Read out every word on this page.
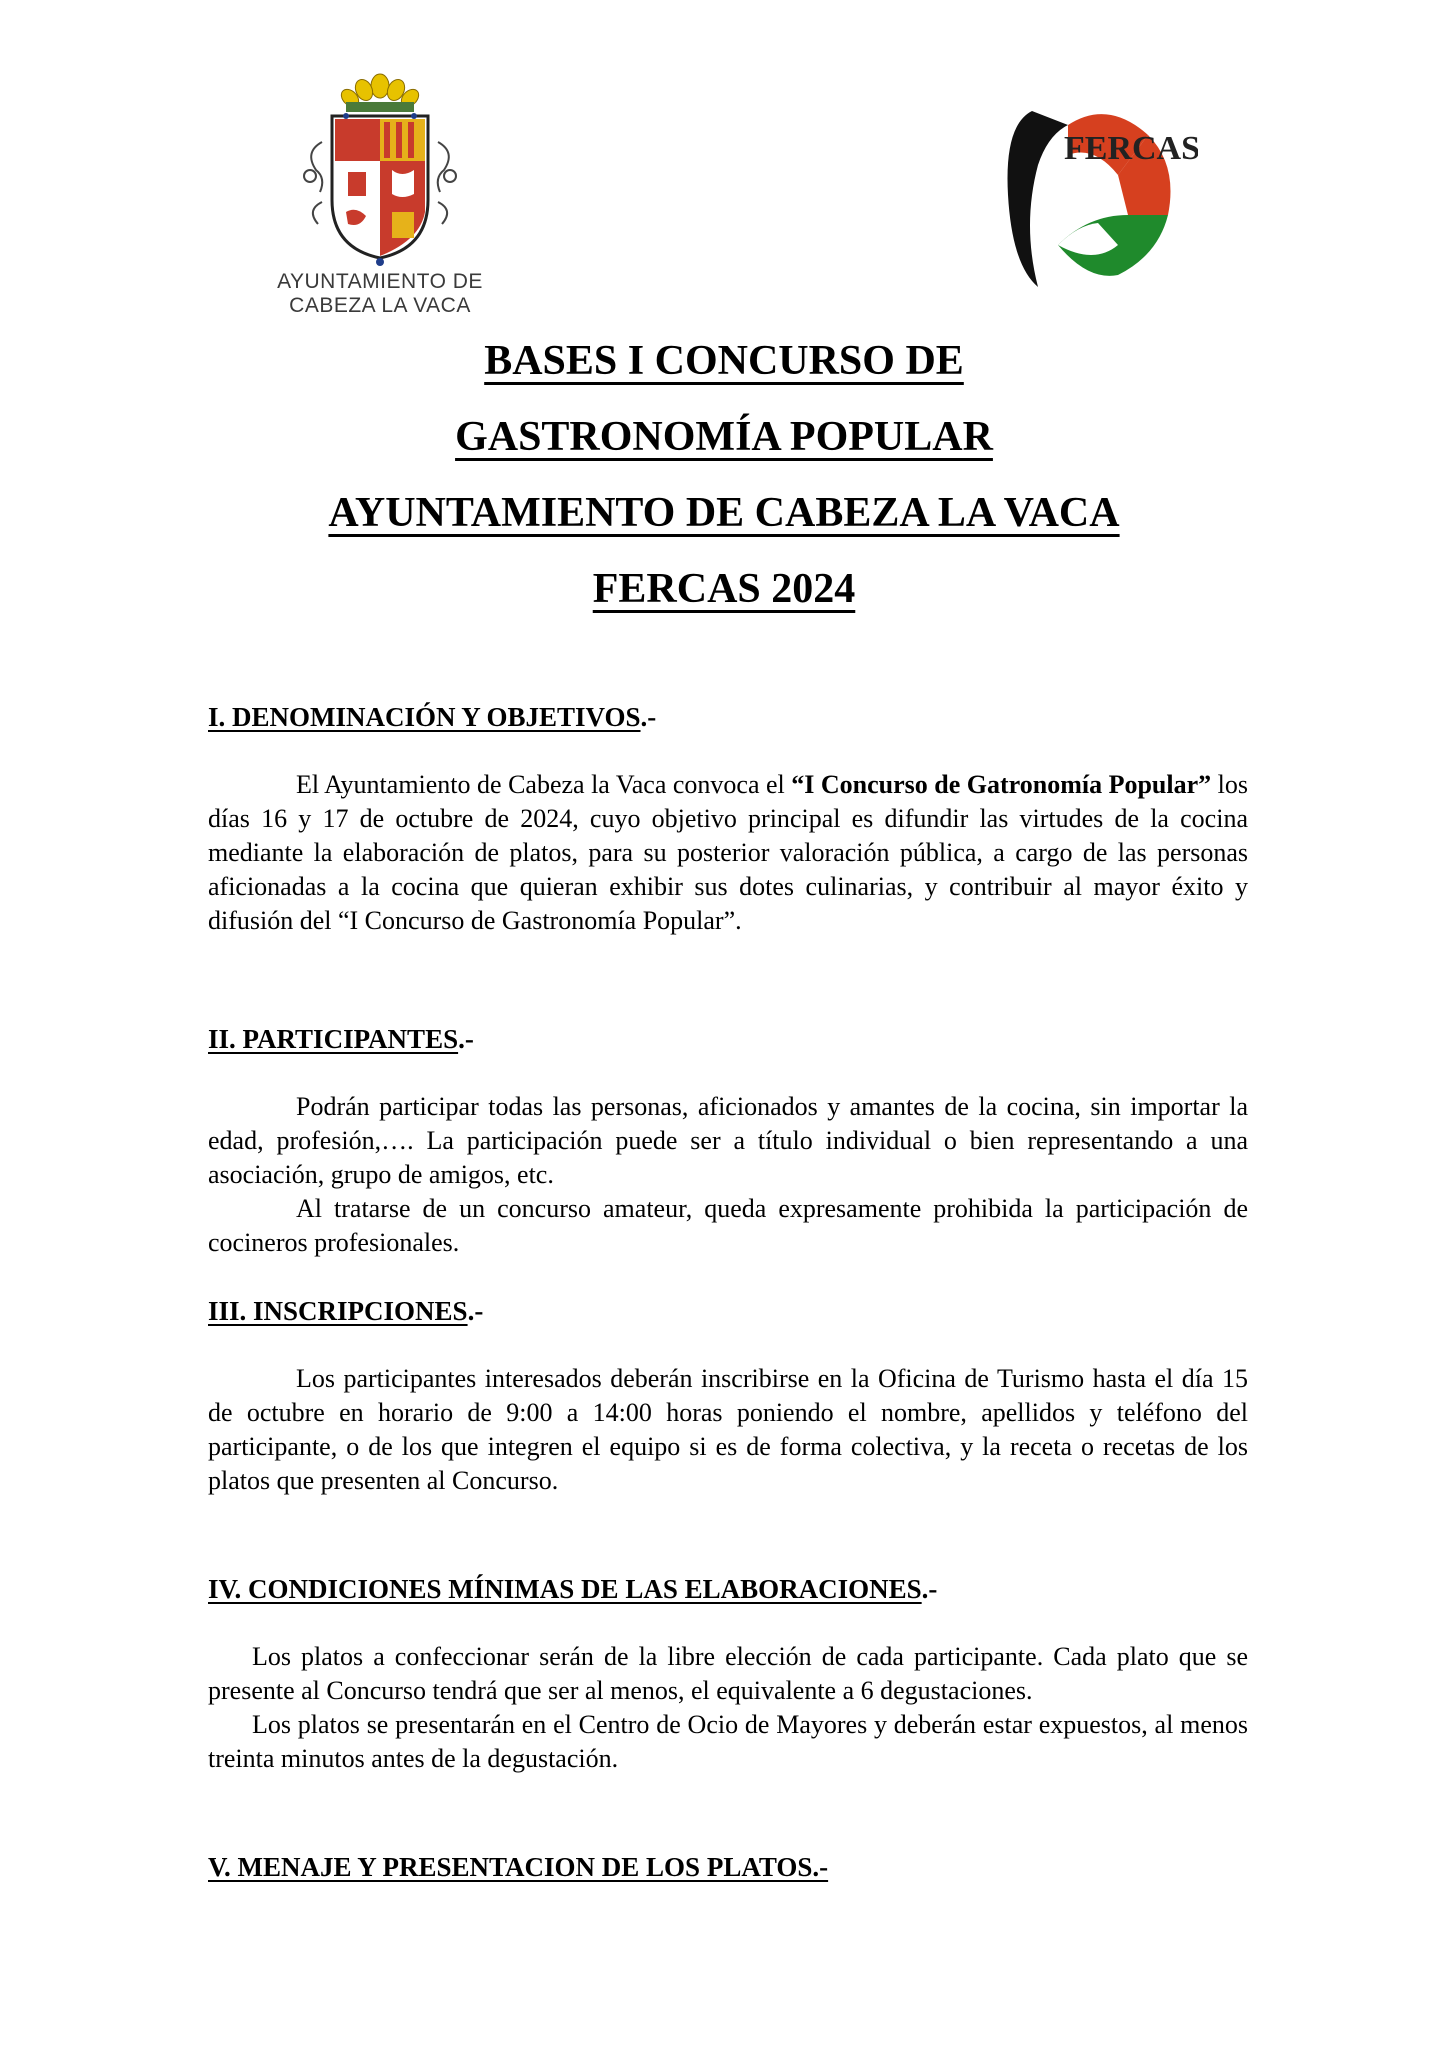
AYUNTAMIENTO DE
CABEZA LA VACA
FERCAS
BASES I CONCURSO DE
GASTRONOMÍA POPULAR
AYUNTAMIENTO DE CABEZA LA VACA
FERCAS 2024
I. DENOMINACIÓN Y OBJETIVOS.-

El Ayuntamiento de Cabeza la Vaca convoca el “I Concurso de Gatronomía Popular” los días 16 y 17 de octubre de 2024, cuyo objetivo principal es difundir las virtudes de la cocina mediante la elaboración de platos, para su posterior valoración pública, a cargo de las personas aficionadas a la cocina que quieran exhibir sus dotes culinarias, y contribuir al mayor éxito y difusión del “I Concurso de Gastronomía Popular”.

II. PARTICIPANTES.-

Podrán participar todas las personas, aficionados y amantes de la cocina, sin importar la edad, profesión,…. La participación puede ser a título individual o bien representando a una asociación, grupo de amigos, etc.

Al tratarse de un concurso amateur, queda expresamente prohibida la participación de cocineros profesionales.

III. INSCRIPCIONES.-

Los participantes interesados deberán inscribirse en la Oficina de Turismo hasta el día 15 de octubre en horario de 9:00 a 14:00 horas poniendo el nombre, apellidos y teléfono del participante, o de los que integren el equipo si es de forma colectiva, y la receta o recetas de los platos que presenten al Concurso.

IV. CONDICIONES MÍNIMAS DE LAS ELABORACIONES.-

Los platos a confeccionar serán de la libre elección de cada participante. Cada plato que se presente al Concurso tendrá que ser al menos, el equivalente a 6 degustaciones.

Los platos se presentarán en el Centro de Ocio de Mayores y deberán estar expuestos, al menos treinta minutos antes de la degustación.

V. MENAJE Y PRESENTACION DE LOS PLATOS.-
